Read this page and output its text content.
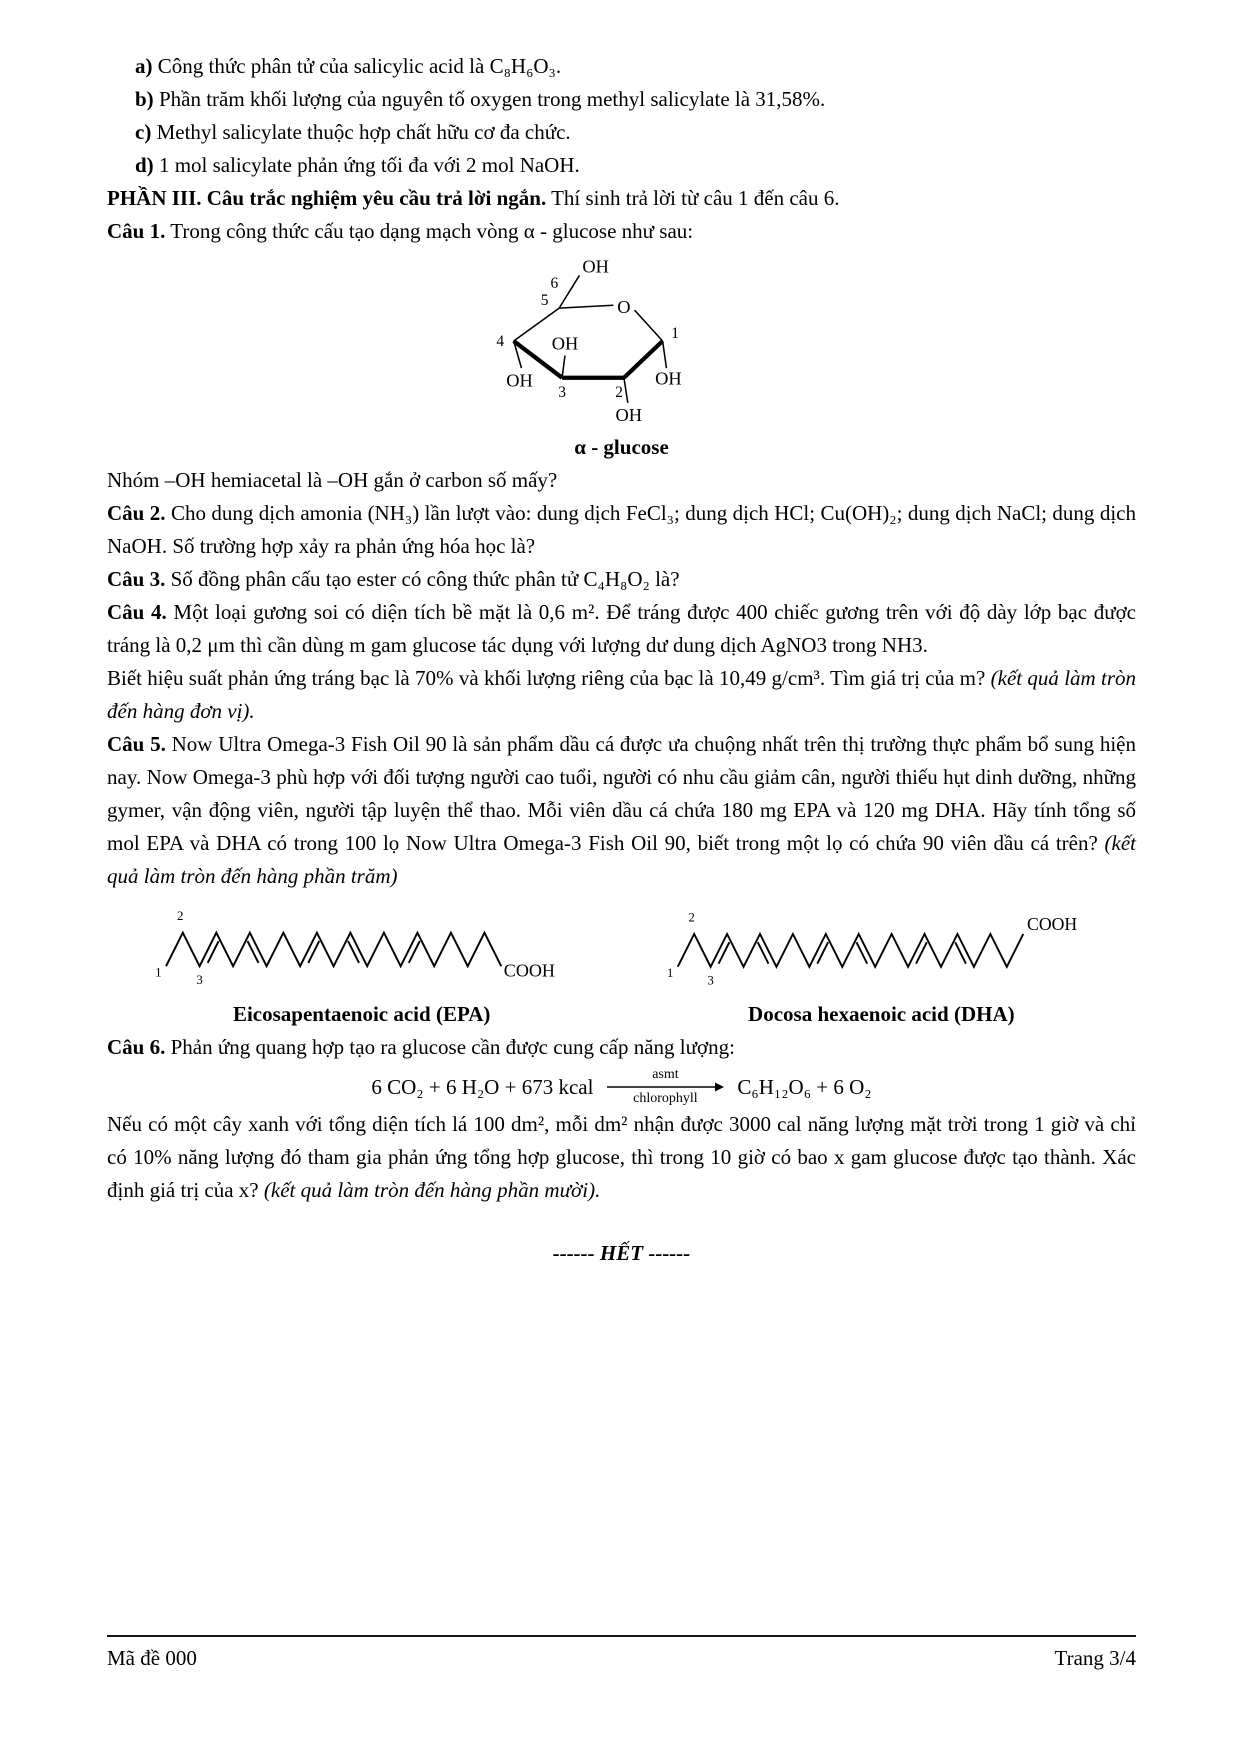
a) Công thức phân tử của salicylic acid là C₈H₆O₃.

b) Phần trăm khối lượng của nguyên tố oxygen trong methyl salicylate là 31,58%.

c) Methyl salicylate thuộc hợp chất hữu cơ đa chức.

d) 1 mol salicylate phản ứng tối đa với 2 mol NaOH.

PHẦN III. Câu trắc nghiệm yêu cầu trả lời ngắn. Thí sinh trả lời từ câu 1 đến câu 6.

Câu 1. Trong công thức cấu tạo dạng mạch vòng α - glucose như sau:

O
OH
OH
OH
OH
OH
6
5
4	1
3	2

α - glucose

Nhóm –OH hemiacetal là –OH gắn ở carbon số mấy?

Câu 2. Cho dung dịch amonia (NH₃) lần lượt vào: dung dịch FeCl₃; dung dịch HCl; Cu(OH)₂; dung dịch NaCl; dung dịch NaOH. Số trường hợp xảy ra phản ứng hóa học là?

Câu 3. Số đồng phân cấu tạo ester có công thức phân tử C₄H₈O₂ là?

Câu 4. Một loại gương soi có diện tích bề mặt là 0,6 m². Để tráng được 400 chiếc gương trên với độ dày lớp bạc được tráng là 0,2 μm thì cần dùng m gam glucose tác dụng với lượng dư dung dịch AgNO3 trong NH3.

Biết hiệu suất phản ứng tráng bạc là 70% và khối lượng riêng của bạc là 10,49 g/cm³. Tìm giá trị của m? (kết quả làm tròn đến hàng đơn vị).

Câu 5. Now Ultra Omega-3 Fish Oil 90 là sản phẩm dầu cá được ưa chuộng nhất trên thị trường thực phẩm bổ sung hiện nay. Now Omega-3 phù hợp với đối tượng người cao tuổi, người có nhu cầu giảm cân, người thiếu hụt dinh dưỡng, những gymer, vận động viên, người tập luyện thể thao. Mỗi viên dầu cá chứa 180 mg EPA và 120 mg DHA. Hãy tính tổng số mol EPA và DHA có trong 100 lọ Now Ultra Omega-3 Fish Oil 90, biết trong một lọ có chứa 90 viên dầu cá trên? (kết quả làm tròn đến hàng phần trăm)

1
2
3	COOH	1
2
3
COOH
Eicosapentaenoic acid (EPA)	Docosa hexaenoic acid (DHA)

Câu 6. Phản ứng quang hợp tạo ra glucose cần được cung cấp năng lượng:

6 CO₂ + 6 H₂O + 673 kcal	asmt
chlorophyll C₆H₁₂O₆ + 6 O₂

Nếu có một cây xanh với tổng diện tích lá 100 dm², mỗi dm² nhận được 3000 cal năng lượng mặt trời trong 1 giờ và chỉ có 10% năng lượng đó tham gia phản ứng tổng hợp glucose, thì trong 10 giờ có bao x gam glucose được tạo thành. Xác định giá trị của x? (kết quả làm tròn đến hàng phần mười).

------ HẾT ------

Mã đề 000	Trang 3/4
